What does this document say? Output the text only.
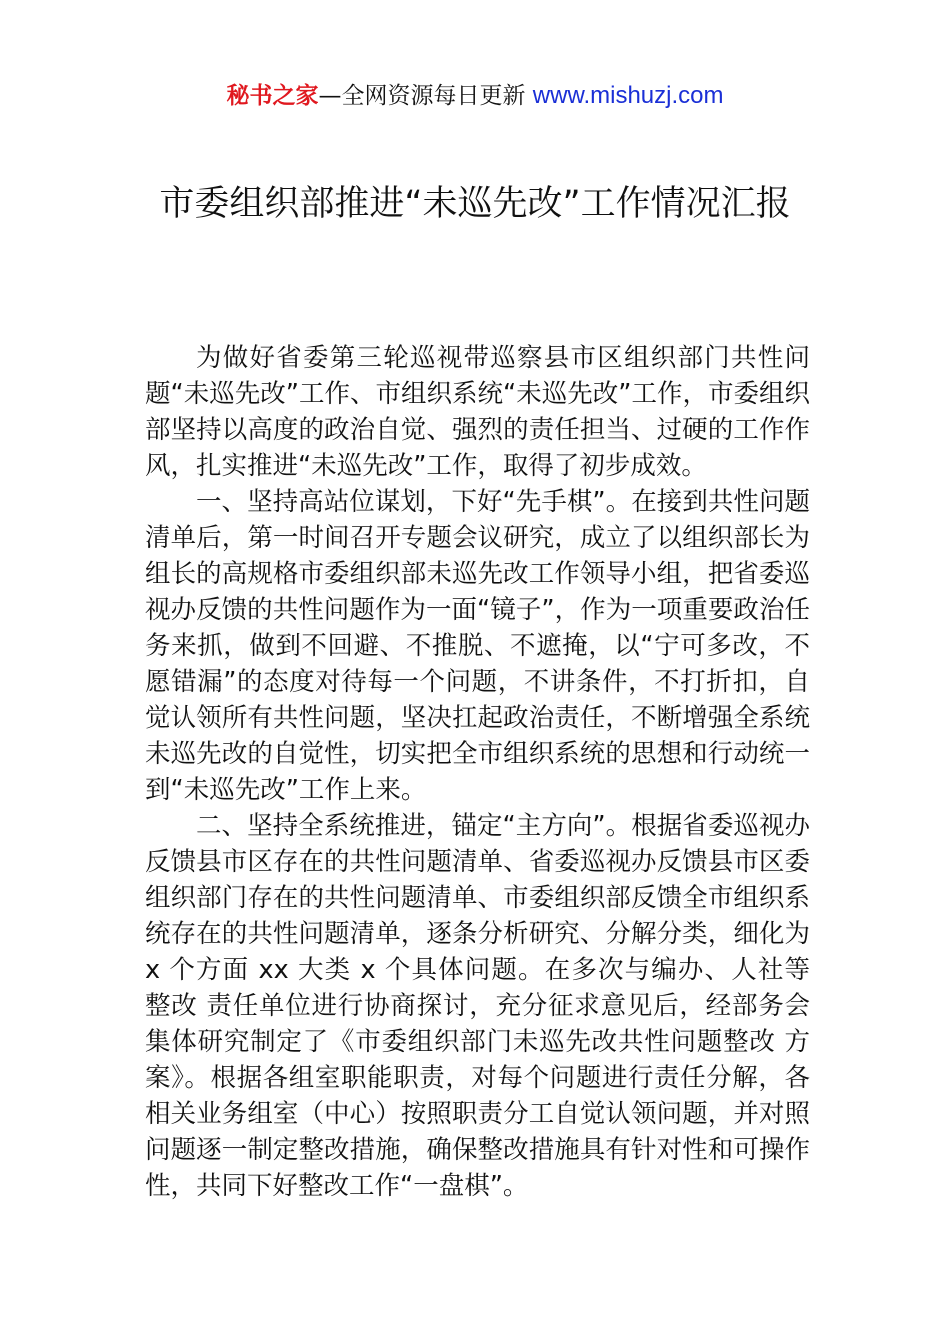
秘书之家—全网资源每日更新 www.mishuzj.com
市委组织部推进“未巡先改”工作情况汇报

为做好省委第三轮巡视带巡察县市区组织部门共性问题“未巡先改”工作、市组织系统“未巡先改”工作，市委组织部坚持以高度的政治自觉、强烈的责任担当、过硬的工作作风，扎实推进“未巡先改”工作，取得了初步成效。

一、坚持高站位谋划，下好“先手棋”。在接到共性问题清单后，第一时间召开专题会议研究，成立了以组织部长为组长的高规格市委组织部未巡先改工作领导小组，把省委巡视办反馈的共性问题作为一面“镜子”，作为一项重要政治任务来抓，做到不回避、不推脱、不遮掩，以“宁可多改，不愿错漏”的态度对待每一个问题，不讲条件，不打折扣，自觉认领所有共性问题，坚决扛起政治责任，不断增强全系统未巡先改的自觉性，切实把全市组织系统的思想和行动统一到“未巡先改”工作上来。

二、坚持全系统推进，锚定“主方向”。根据省委巡视办反馈县市区存在的共性问题清单、省委巡视办反馈县市区委组织部门存在的共性问题清单、市委组织部反馈全市组织系统存在的共性问题清单，逐条分析研究、分解分类，细化为 x 个方面 xx 大类 x 个具体问题。在多次与编办、人社等 整改 责任单位进行协商探讨，充分征求意见后，经部务会集体研究制定了《市委组织部门未巡先改共性问题整改 方案》。根据各组室职能职责，对每个问题进行责任分解，各相关业务组室（中心）按照职责分工自觉认领问题，并对照问题逐一制定整改措施，确保整改措施具有针对性和可操作性，共同下好整改工作“一盘棋”。
